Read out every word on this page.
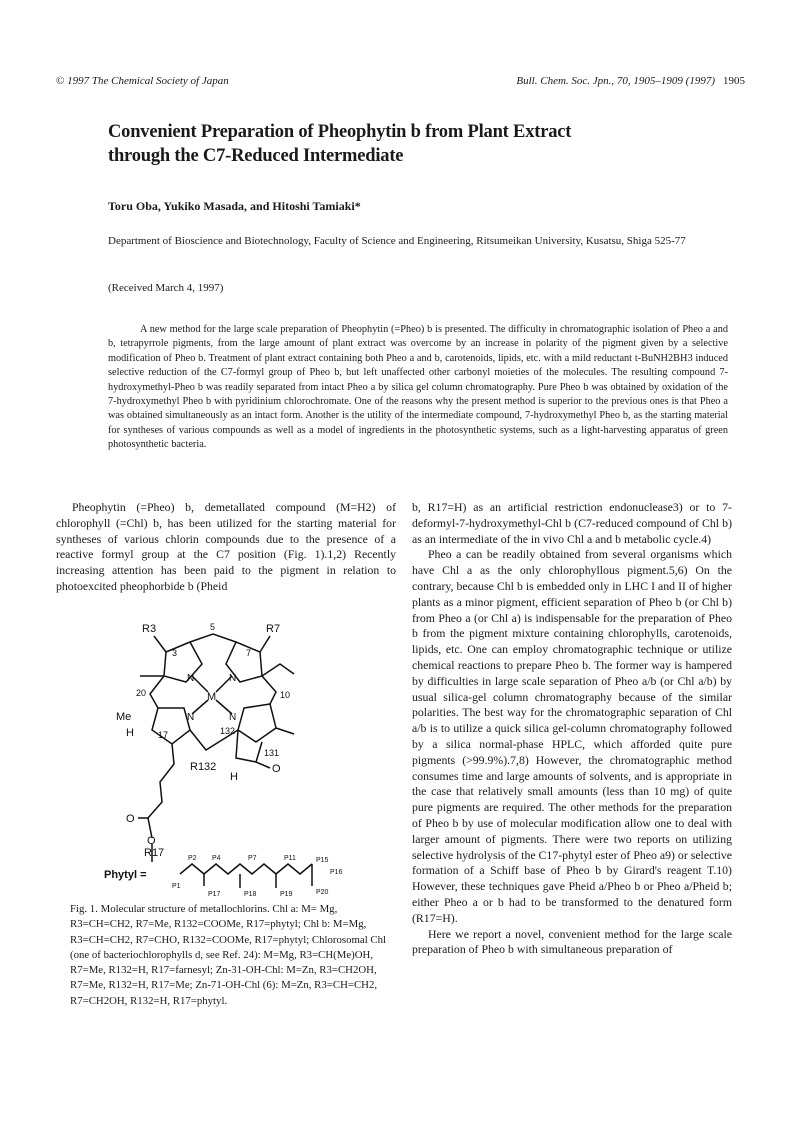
© 1997 The Chemical Society of Japan	Bull. Chem. Soc. Jpn., 70, 1905–1909 (1997) 1905
Convenient Preparation of Pheophytin b from Plant Extract
through the C7-Reduced Intermediate
Toru Oba, Yukiko Masada, and Hitoshi Tamiaki*
Department of Bioscience and Biotechnology, Faculty of Science and Engineering, Ritsumeikan University, Kusatsu, Shiga 525-77
(Received March 4, 1997)
A new method for the large scale preparation of Pheophytin (=Pheo) b is presented. The difficulty in chromatographic isolation of Pheo a and b, tetrapyrrole pigments, from the large amount of plant extract was overcome by an increase in polarity of the pigment given by a selective modification of Pheo b. Treatment of plant extract containing both Pheo a and b, carotenoids, lipids, etc. with a mild reductant t-BuNH2BH3 induced selective reduction of the C7-formyl group of Pheo b, but left unaffected other carbonyl moieties of the molecules. The resulting compound 7-hydroxymethyl-Pheo b was readily separated from intact Pheo a by silica gel column chromatography. Pure Pheo b was obtained by oxidation of the 7-hydroxymethyl Pheo b with pyridinium chlorochromate. One of the reasons why the present method is superior to the previous ones is that Pheo a was obtained simultaneously as an intact form. Another is the utility of the intermediate compound, 7-hydroxymethyl Pheo b, as the starting material for syntheses of various compounds as well as a model of ingredients in the photosynthetic systems, such as a light-harvesting apparatus of green photosynthetic bacteria.

Pheophytin (=Pheo) b, demetallated compound (M=H2) of chlorophyll (=Chl) b, has been utilized for the starting material for syntheses of various chlorin compounds due to the presence of a reactive formyl group at the C7 position (Fig. 1).1,2) Recently increasing attention has been paid to the pigment in relation to photoexcited pheophorbide b (Pheid

R3	R7
3
5
7
20	10
M
N	N
N	N
Me
H	17	132
131
R132
H
O
O
O
R17
Phytyl =
P1
P2 P4	P7	P11	P15
P16
P17	P18	P19	P20
Fig. 1. Molecular structure of metallochlorins. Chl a: M= Mg, R3=CH=CH2, R7=Me, R132=COOMe, R17=phytyl; Chl b: M=Mg, R3=CH=CH2, R7=CHO, R132=COOMe, R17=phytyl; Chlorosomal Chl (one of bacteriochlorophylls d, see Ref. 24): M=Mg, R3=CH(Me)OH, R7=Me, R132=H, R17=farnesyl; Zn-31-OH-Chl: M=Zn, R3=CH2OH, R7=Me, R132=H, R17=Me; Zn-71-OH-Chl (6): M=Zn, R3=CH=CH2, R7=CH2OH, R132=H, R17=phytyl.

b, R17=H) as an artificial restriction endonuclease3) or to 7-deformyl-7-hydroxymethyl-Chl b (C7-reduced compound of Chl b) as an intermediate of the in vivo Chl a and b metabolic cycle.4)

Pheo a can be readily obtained from several organisms which have Chl a as the only chlorophyllous pigment.5,6) On the contrary, because Chl b is embedded only in LHC I and II of higher plants as a minor pigment, efficient separation of Pheo b (or Chl b) from Pheo a (or Chl a) is indispensable for the preparation of Pheo b from the pigment mixture containing chlorophylls, carotenoids, lipids, etc. One can employ chromatographic technique or utilize chemical reactions to prepare Pheo b. The former way is hampered by difficulties in large scale separation of Pheo a/b (or Chl a/b) by usual silica-gel column chromatography because of the similar polarities. The best way for the chromatographic separation of Chl a/b is to utilize a quick silica gel-column chromatography followed by a silica normal-phase HPLC, which afforded quite pure pigments (>99.9%).7,8) However, the chromatographic method consumes time and large amounts of solvents, and is appropriate in the case that relatively small amounts (less than 10 mg) of quite pure pigments are required. The other methods for the preparation of Pheo b by use of molecular modification allow one to deal with larger amount of pigments. There were two reports on utilizing selective hydrolysis of the C17-phytyl ester of Pheo a9) or selective formation of a Schiff base of Pheo b by Girard's reagent T.10) However, these techniques gave Pheid a/Pheo b or Pheo a/Pheid b; either Pheo a or b had to be transformed to the denatured form (R17=H).

Here we report a novel, convenient method for the large scale preparation of Pheo b with simultaneous preparation of
